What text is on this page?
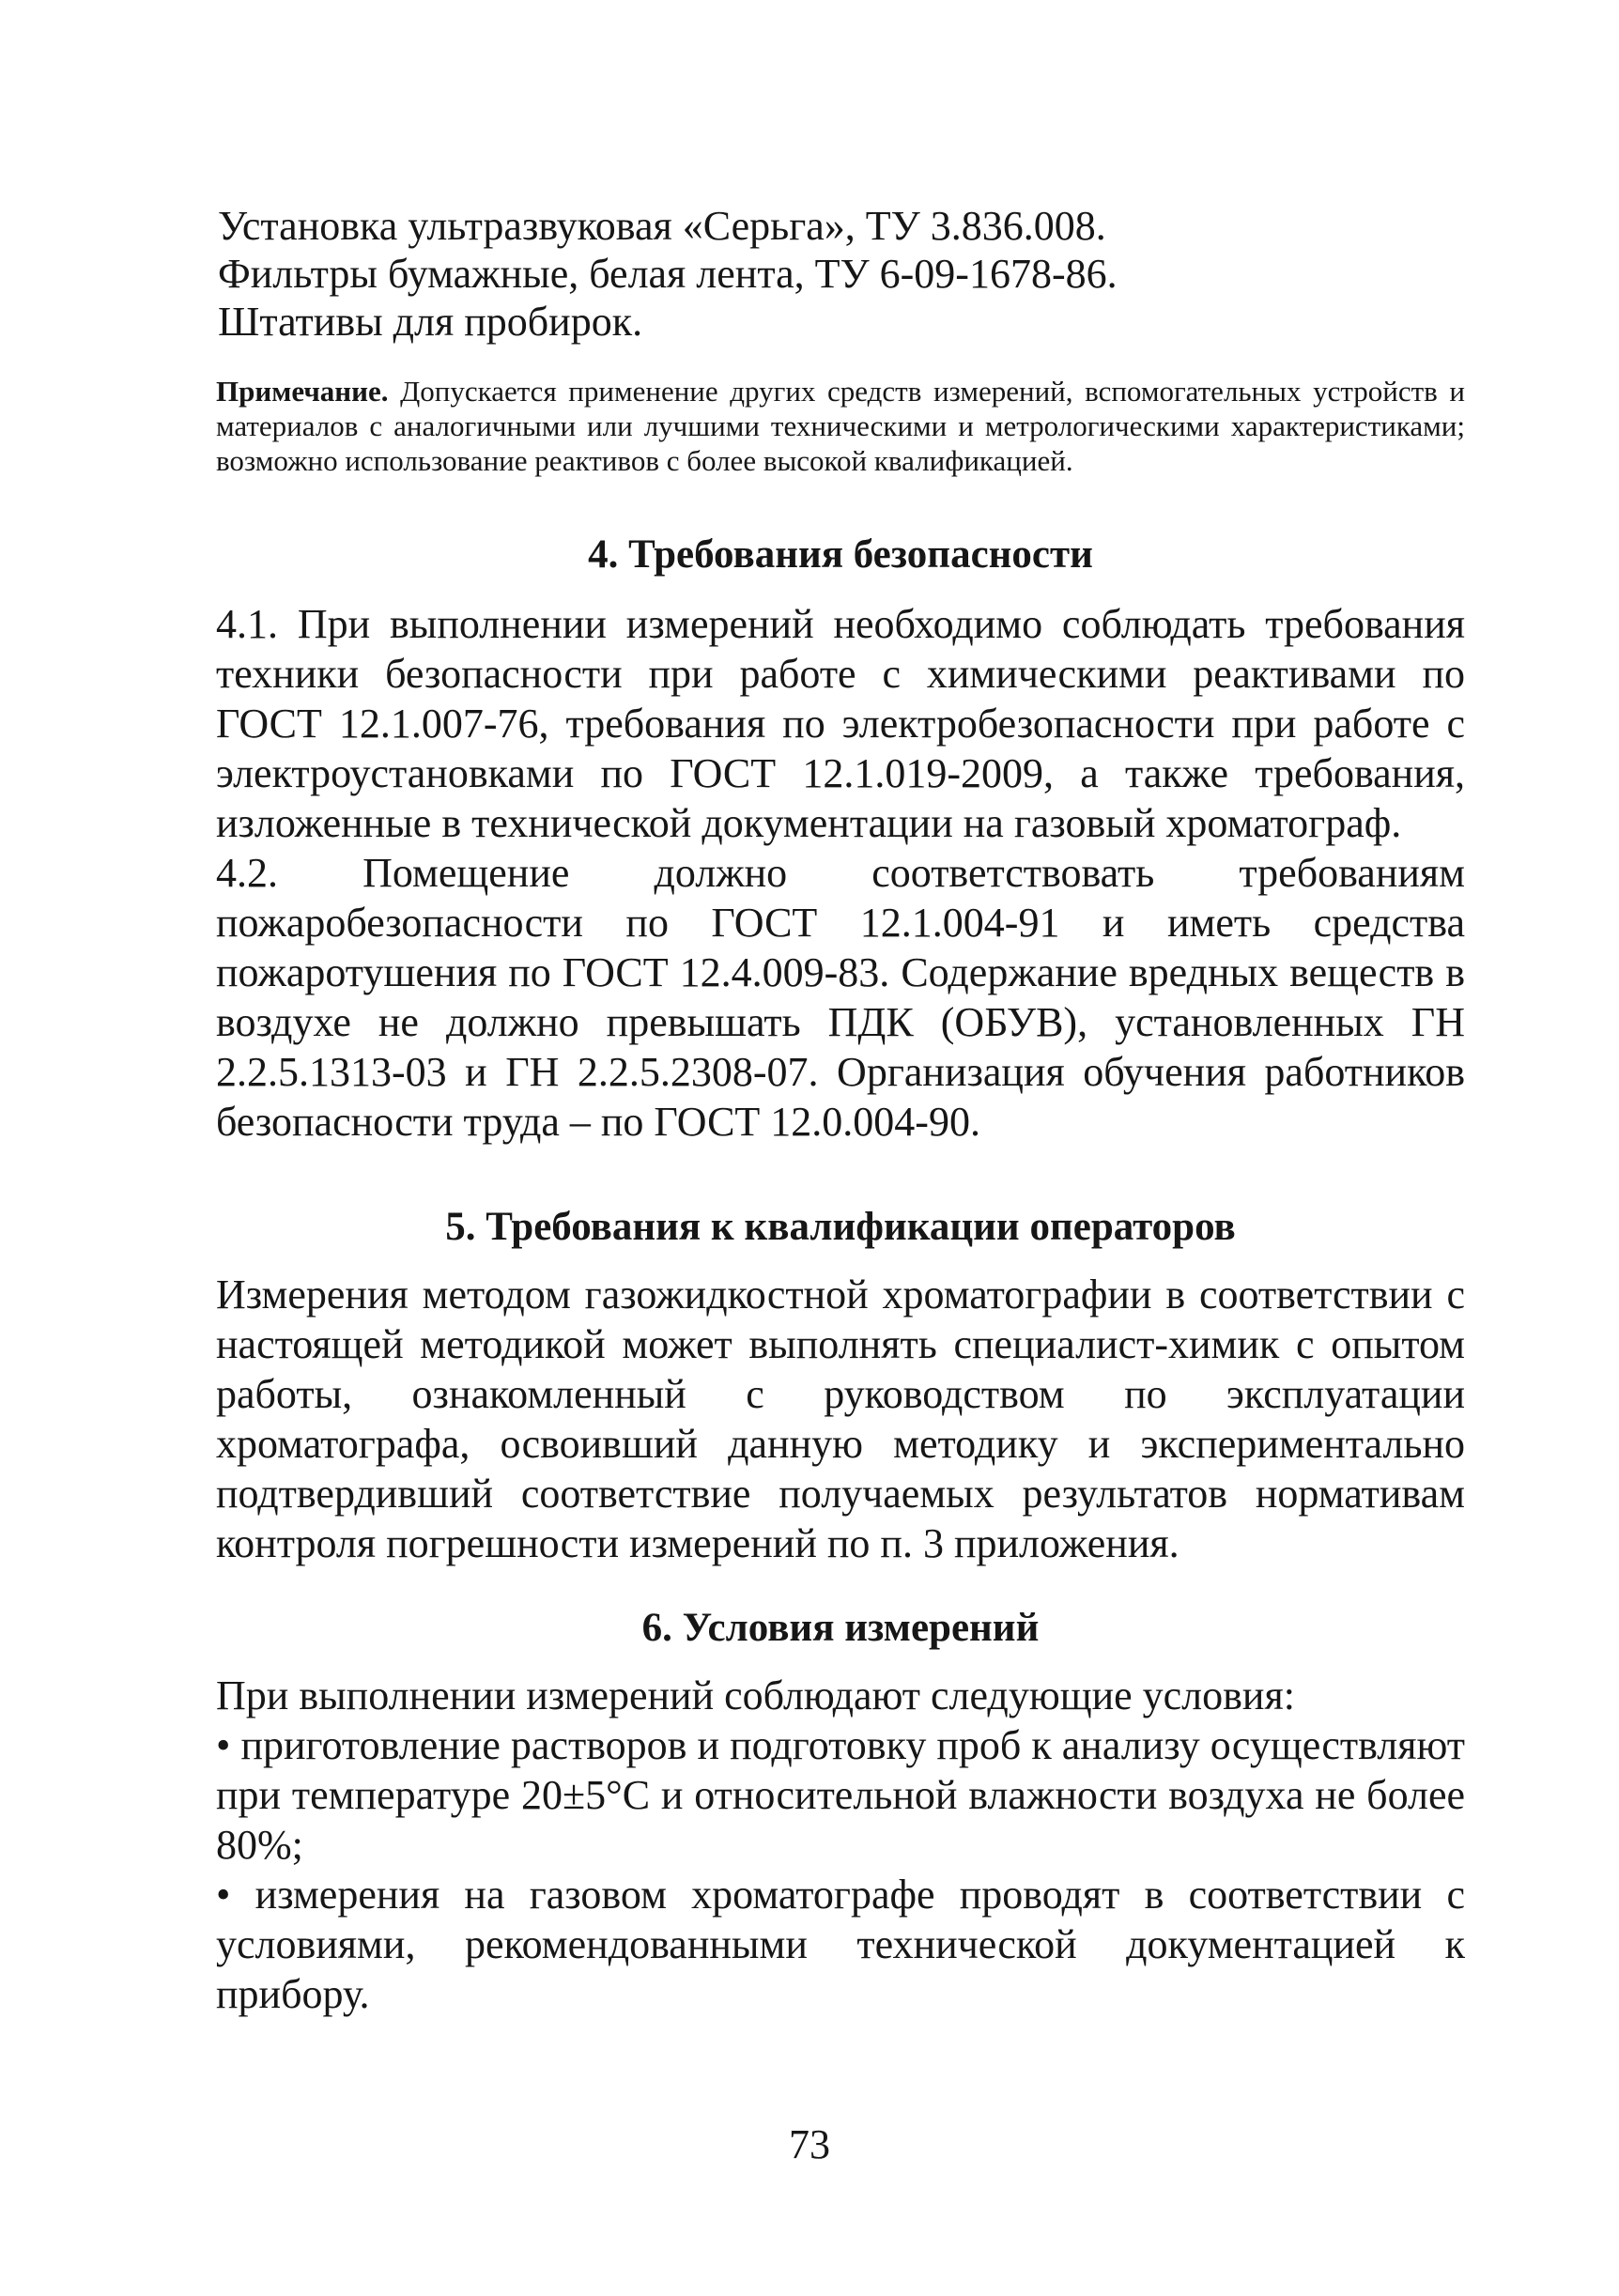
Установка ультразвуковая «Серьга», ТУ 3.836.008.

Фильтры бумажные, белая лента, ТУ 6-09-1678-86.

Штативы для пробирок.

Примечание. Допускается применение других средств измерений, вспомогательных устройств и материалов с аналогичными или лучшими техническими и метрологическими характеристиками; возможно использование реактивов с более высокой квалификацией.

4. Требования безопасности

4.1. При выполнении измерений необходимо соблюдать требования техники безопасности при работе с химическими реактивами по ГОСТ 12.1.007-76, требования по электробезопасности при работе с электроустановками по ГОСТ 12.1.019-2009, а также требования, изложенные в технической документации на газовый хроматограф.

4.2. Помещение должно соответствовать требованиям пожаробезопасности по ГОСТ 12.1.004-91 и иметь средства пожаротушения по ГОСТ 12.4.009-83. Содержание вредных веществ в воздухе не должно превышать ПДК (ОБУВ), установленных ГН 2.2.5.1313-03 и ГН 2.2.5.2308-07. Организация обучения работников безопасности труда – по ГОСТ 12.0.004-90.

5. Требования к квалификации операторов

Измерения методом газожидкостной хроматографии в соответствии с настоящей методикой может выполнять специалист-химик с опытом работы, ознакомленный с руководством по эксплуатации хроматографа, освоивший данную методику и экспериментально подтвердивший соответствие получаемых результатов нормативам контроля погрешности измерений по п. 3 приложения.

6. Условия измерений

При выполнении измерений соблюдают следующие условия:

• приготовление растворов и подготовку проб к анализу осуществляют при температуре 20±5°С и относительной влажности воздуха не более 80%;

• измерения на газовом хроматографе проводят в соответствии с условиями, рекомендованными технической документацией к прибору.

73
